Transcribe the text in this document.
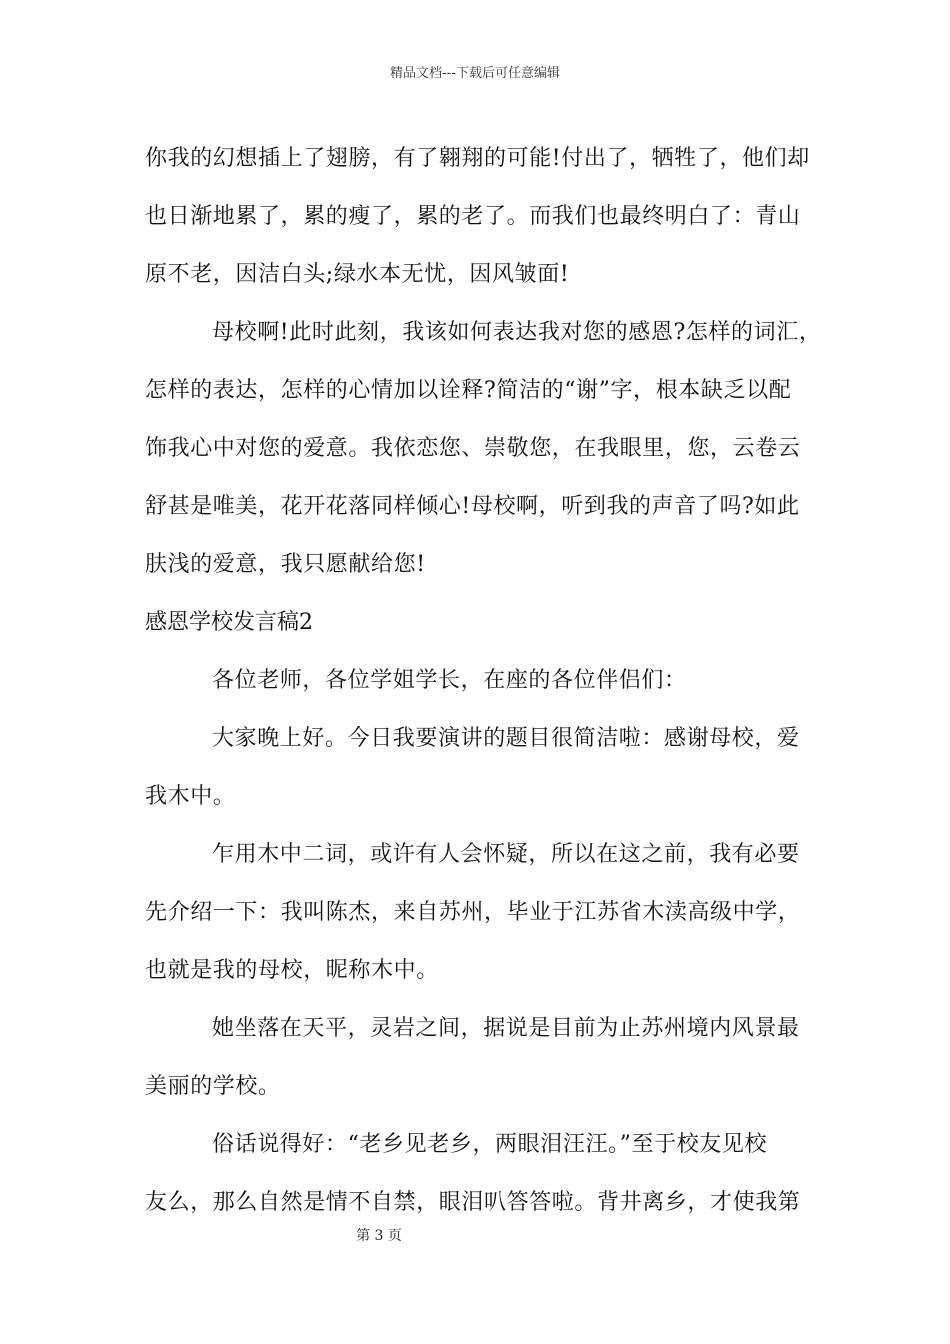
精品文档---下载后可任意编辑

你我的幻想插上了翅膀，有了翱翔的可能!付出了，牺牲了，他们却

也日渐地累了，累的瘦了，累的老了。而我们也最终明白了：青山

原不老，因洁白头;绿水本无忧，因风皱面!

母校啊!此时此刻，我该如何表达我对您的感恩?怎样的词汇，

怎样的表达，怎样的心情加以诠释?简洁的“谢”字，根本缺乏以配

饰我心中对您的爱意。我依恋您、崇敬您，在我眼里，您，云卷云

舒甚是唯美，花开花落同样倾心!母校啊，听到我的声音了吗?如此

肤浅的爱意，我只愿献给您!

感恩学校发言稿2

各位老师，各位学姐学长，在座的各位伴侣们：

大家晚上好。今日我要演讲的题目很简洁啦：感谢母校，爱

我木中。

乍用木中二词，或许有人会怀疑，所以在这之前，我有必要

先介绍一下：我叫陈杰，来自苏州，毕业于江苏省木渎高级中学，

也就是我的母校，昵称木中。

她坐落在天平，灵岩之间，据说是目前为止苏州境内风景最

美丽的学校。

俗话说得好：“老乡见老乡，两眼泪汪汪。”至于校友见校

友么，那么自然是情不自禁，眼泪叭答答啦。背井离乡，才使我第

第 3 页
